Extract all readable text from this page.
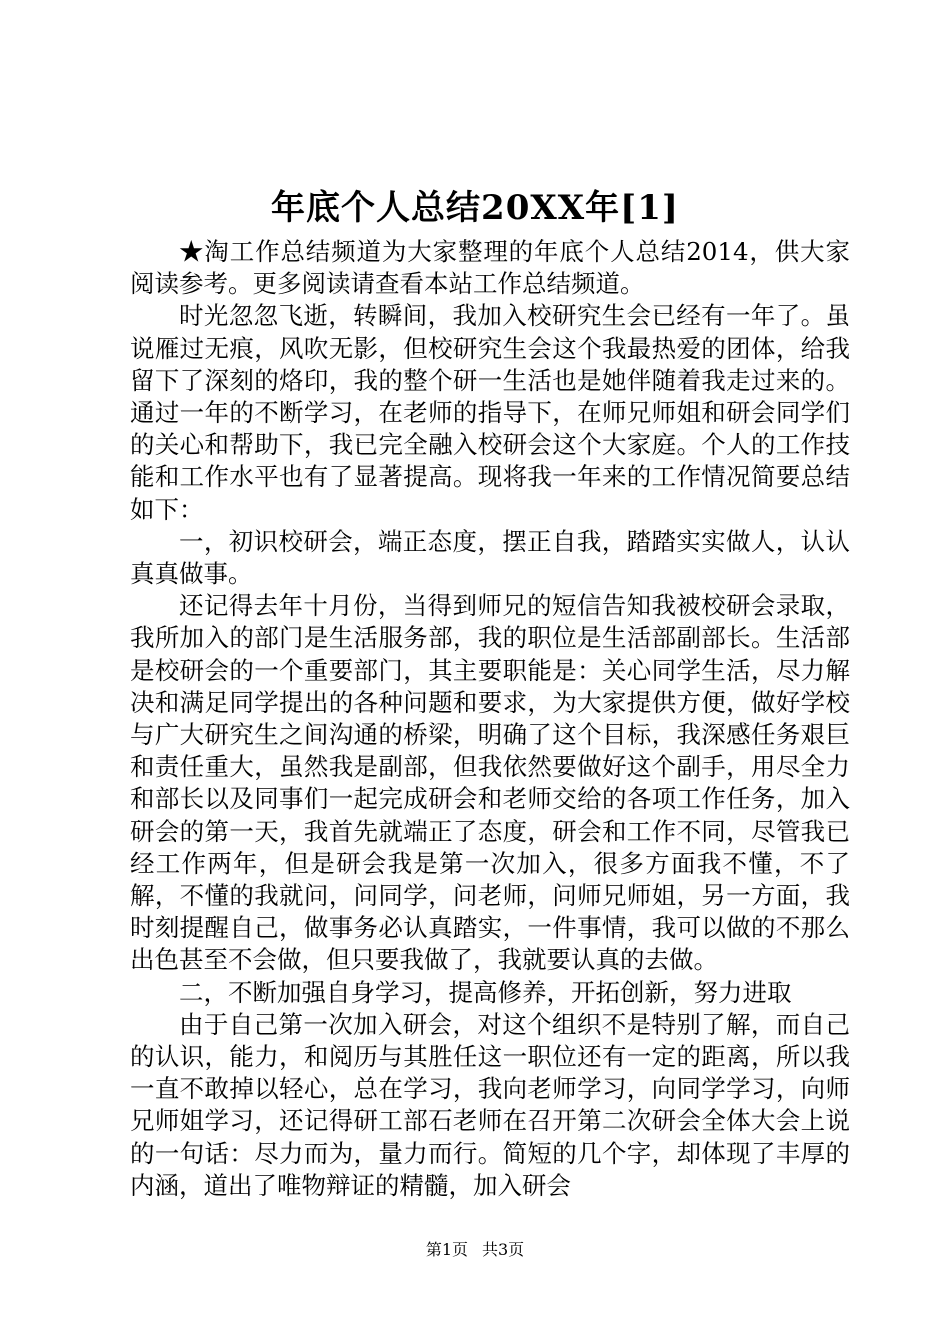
年底个人总结20XX年[1]

★淘工作总结频道为大家整理的年底个人总结2014，供大家阅读参考。更多阅读请查看本站工作总结频道。

时光忽忽飞逝，转瞬间，我加入校研究生会已经有一年了。虽说雁过无痕，风吹无影，但校研究生会这个我最热爱的团体，给我留下了深刻的烙印，我的整个研一生活也是她伴随着我走过来的。通过一年的不断学习，在老师的指导下，在师兄师姐和研会同学们的关心和帮助下，我已完全融入校研会这个大家庭。个人的工作技能和工作水平也有了显著提高。现将我一年来的工作情况简要总结如下：

一，初识校研会，端正态度，摆正自我，踏踏实实做人，认认真真做事。

还记得去年十月份，当得到师兄的短信告知我被校研会录取，我所加入的部门是生活服务部，我的职位是生活部副部长。生活部是校研会的一个重要部门，其主要职能是：关心同学生活，尽力解决和满足同学提出的各种问题和要求，为大家提供方便，做好学校与广大研究生之间沟通的桥梁，明确了这个目标，我深感任务艰巨和责任重大，虽然我是副部，但我依然要做好这个副手，用尽全力和部长以及同事们一起完成研会和老师交给的各项工作任务，加入研会的第一天，我首先就端正了态度，研会和工作不同，尽管我已经工作两年，但是研会我是第一次加入，很多方面我不懂，不了解，不懂的我就问，问同学，问老师，问师兄师姐，另一方面，我时刻提醒自己，做事务必认真踏实，一件事情，我可以做的不那么出色甚至不会做，但只要我做了，我就要认真的去做。

二，不断加强自身学习，提高修养，开拓创新，努力进取

由于自己第一次加入研会，对这个组织不是特别了解，而自己的认识，能力，和阅历与其胜任这一职位还有一定的距离，所以我一直不敢掉以轻心，总在学习，我向老师学习，向同学学习，向师兄师姐学习，还记得研工部石老师在召开第二次研会全体大会上说的一句话：尽力而为，量力而行。简短的几个字，却体现了丰厚的内涵，道出了唯物辩证的精髓，加入研会

第1页 共3页
